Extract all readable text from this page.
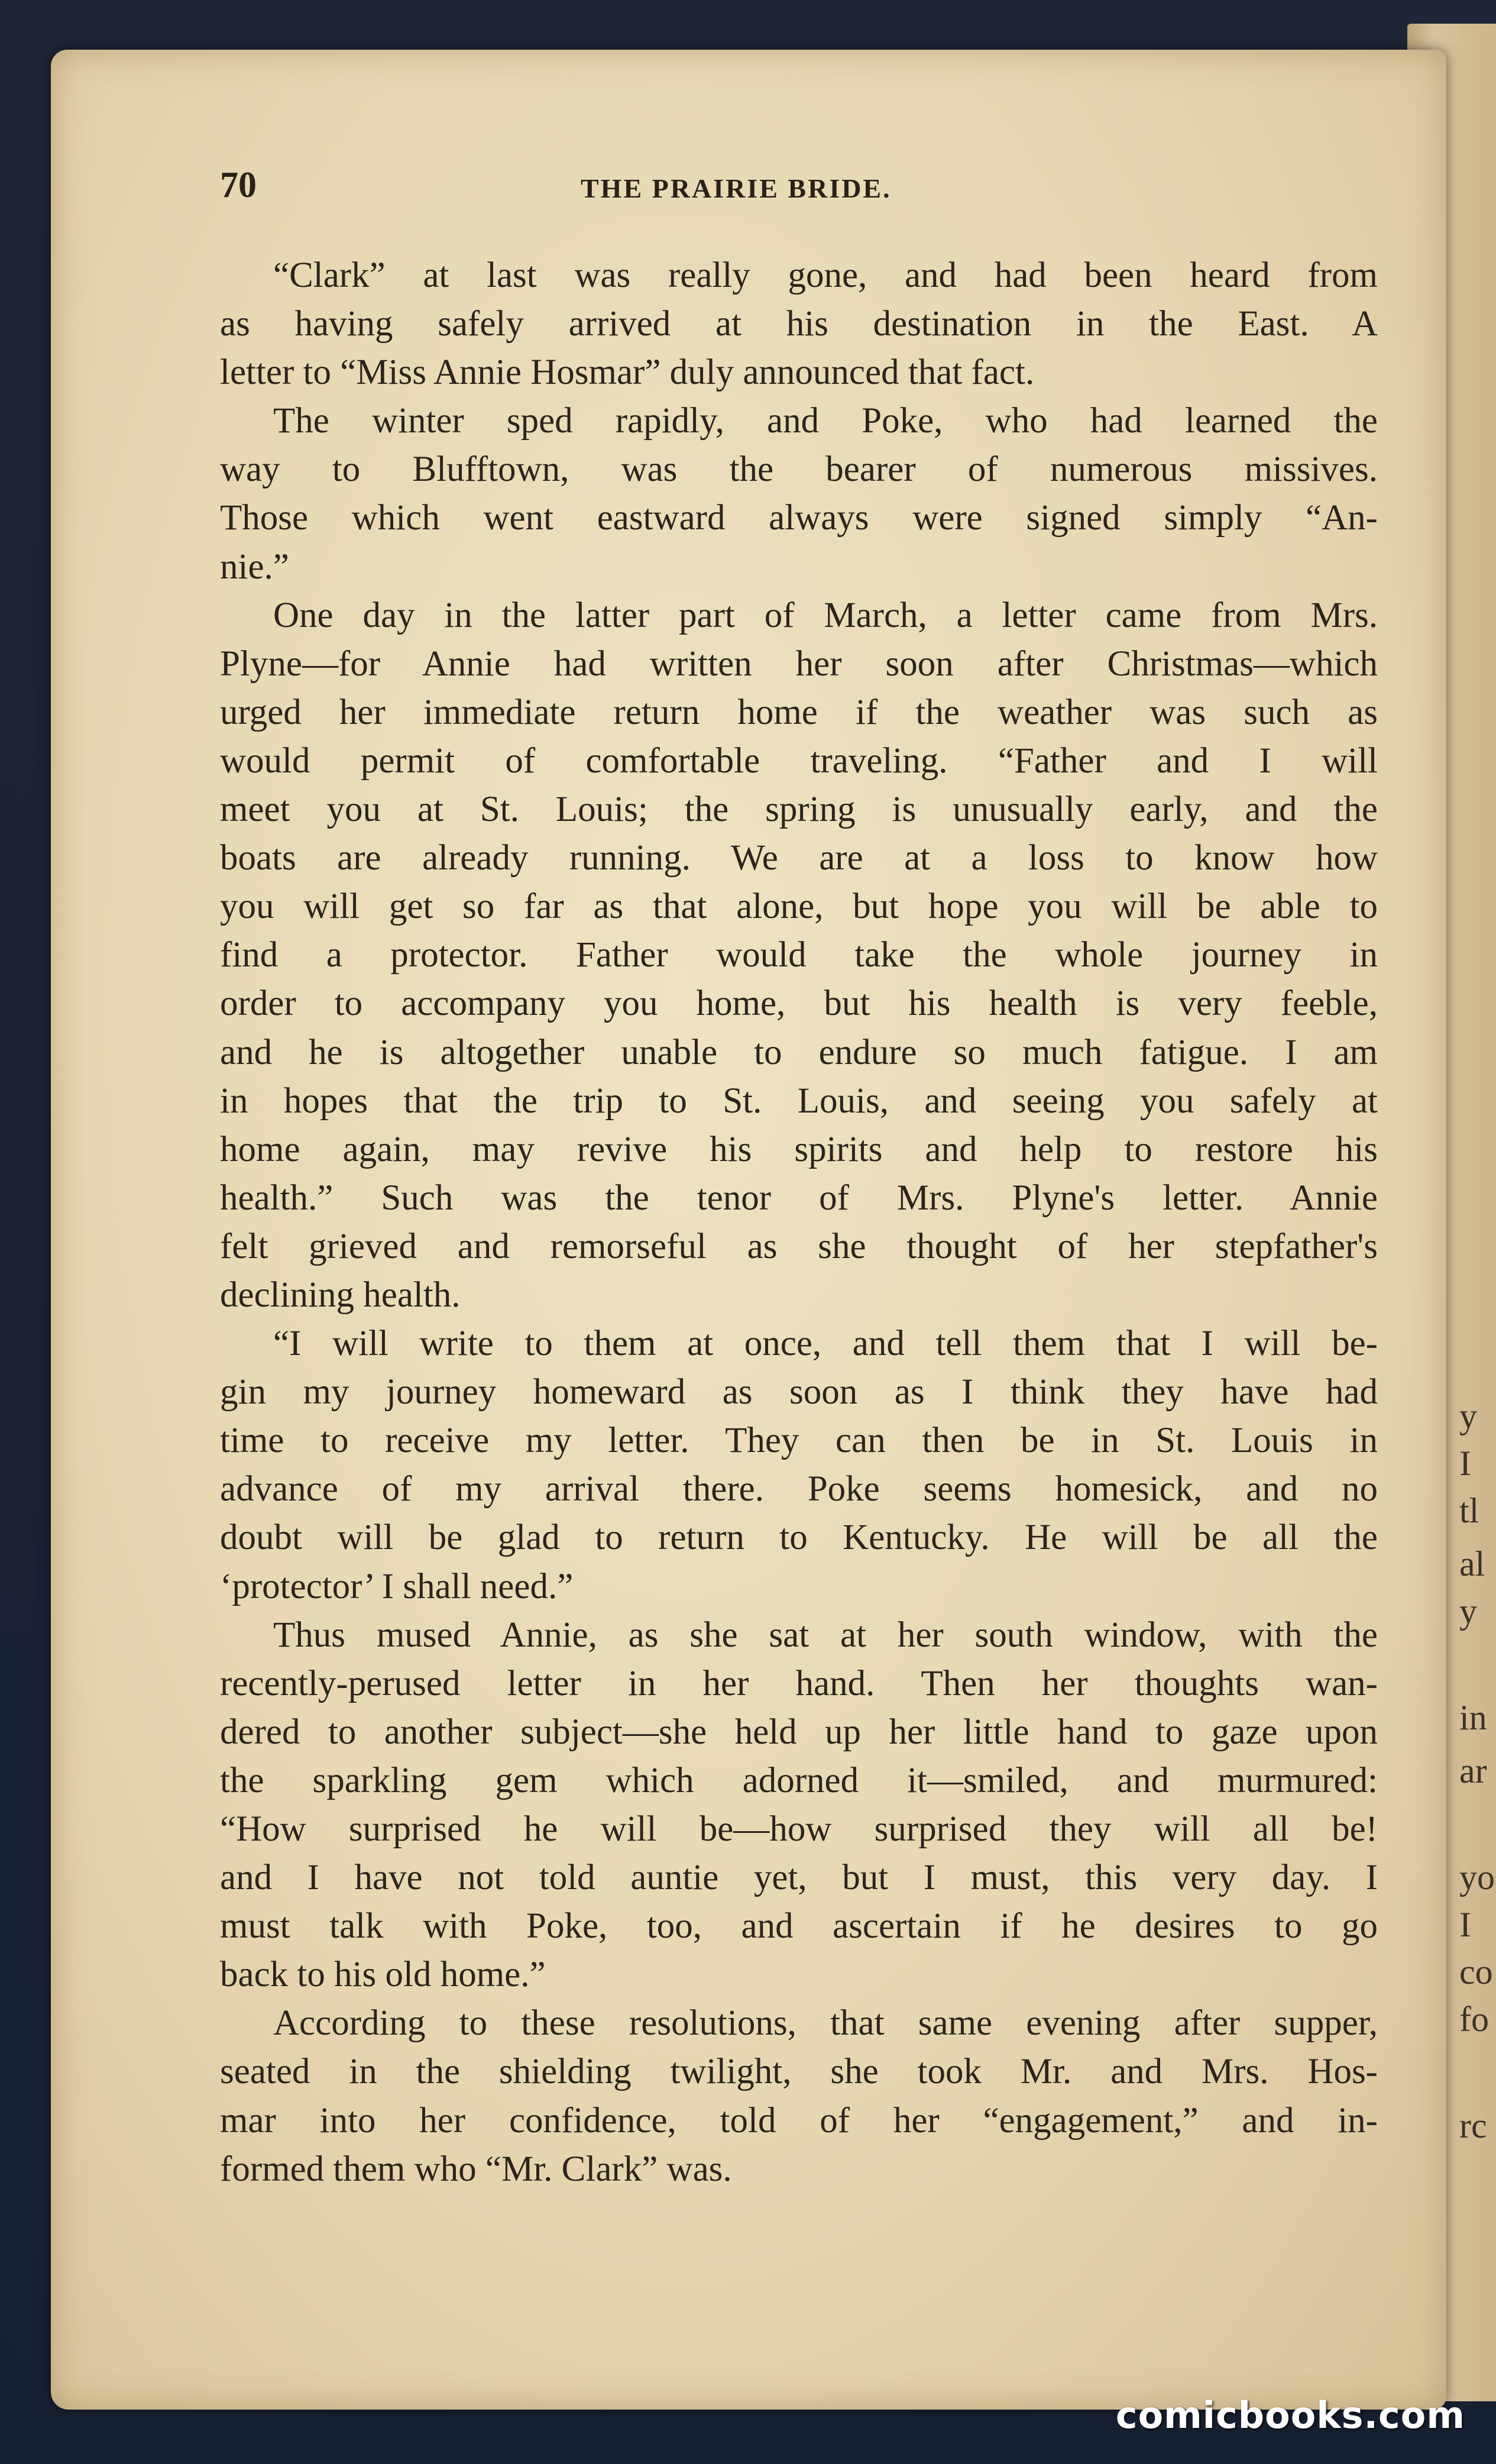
y
I
tl
al
y
in
ar
yo
I
co
fo
rc
70	THE PRAIRIE BRIDE.
“Clark” at last was really gone, and had been heard from
as having safely arrived at his destination in the East. A
letter to “Miss Annie Hosmar” duly announced that fact.
The winter sped rapidly, and Poke, who had learned the
way to Blufftown, was the bearer of numerous missives.
Those which went eastward always were signed simply “An-
nie.”
One day in the latter part of March, a letter came from Mrs.
Plyne—for Annie had written her soon after Christmas—which
urged her immediate return home if the weather was such as
would permit of comfortable traveling. “Father and I will
meet you at St. Louis; the spring is unusually early, and the
boats are already running. We are at a loss to know how
you will get so far as that alone, but hope you will be able to
find a protector. Father would take the whole journey in
order to accompany you home, but his health is very feeble,
and he is altogether unable to endure so much fatigue. I am
in hopes that the trip to St. Louis, and seeing you safely at
home again, may revive his spirits and help to restore his
health.” Such was the tenor of Mrs. Plyne's letter. Annie
felt grieved and remorseful as she thought of her stepfather's
declining health.
“I will write to them at once, and tell them that I will be-
gin my journey homeward as soon as I think they have had
time to receive my letter. They can then be in St. Louis in
advance of my arrival there. Poke seems homesick, and no
doubt will be glad to return to Kentucky. He will be all the
‘protector’ I shall need.”
Thus mused Annie, as she sat at her south window, with the
recently-perused letter in her hand. Then her thoughts wan-
dered to another subject—she held up her little hand to gaze upon
the sparkling gem which adorned it—smiled, and murmured:
“How surprised he will be—how surprised they will all be!
and I have not told auntie yet, but I must, this very day. I
must talk with Poke, too, and ascertain if he desires to go
back to his old home.”
According to these resolutions, that same evening after supper,
seated in the shielding twilight, she took Mr. and Mrs. Hos-
mar into her confidence, told of her “engagement,” and in-
formed them who “Mr. Clark” was.
comicbooks.com
